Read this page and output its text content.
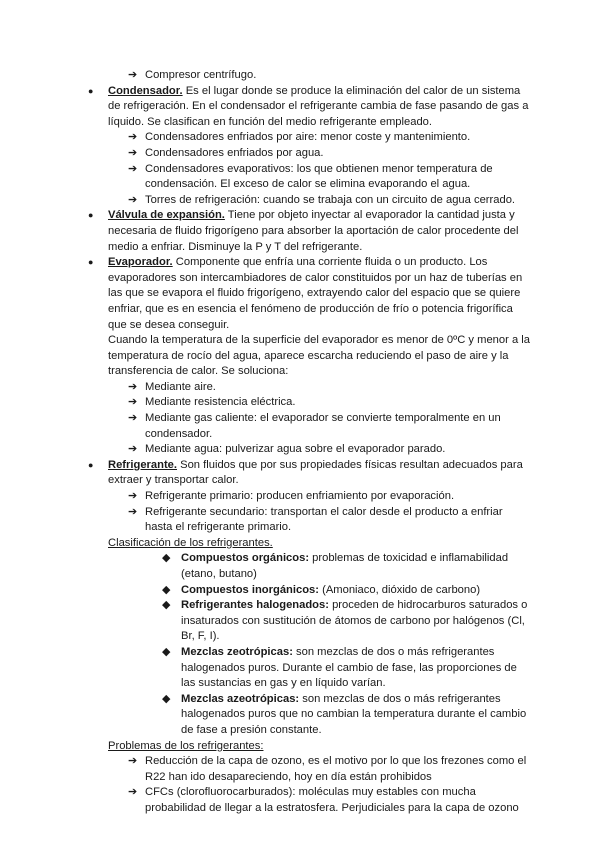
➔ Compresor centrífugo.
● Condensador. Es el lugar donde se produce la eliminación del calor de un sistema
de refrigeración. En el condensador el refrigerante cambia de fase pasando de gas a
líquido. Se clasifican en función del medio refrigerante empleado.
➔ Condensadores enfriados por aire: menor coste y mantenimiento.
➔ Condensadores enfriados por agua.
➔ Condensadores evaporativos: los que obtienen menor temperatura de
condensación. El exceso de calor se elimina evaporando el agua.
➔ Torres de refrigeración: cuando se trabaja con un circuito de agua cerrado.
● Válvula de expansión. Tiene por objeto inyectar al evaporador la cantidad justa y
necesaria de fluido frigorígeno para absorber la aportación de calor procedente del
medio a enfriar. Disminuye la P y T del refrigerante.
● Evaporador. Componente que enfría una corriente fluida o un producto. Los
evaporadores son intercambiadores de calor constituidos por un haz de tuberías en
las que se evapora el fluido frigorígeno, extrayendo calor del espacio que se quiere
enfriar, que es en esencia el fenómeno de producción de frío o potencia frigorífica
que se desea conseguir.
Cuando la temperatura de la superficie del evaporador es menor de 0ºC y menor a la
temperatura de rocío del agua, aparece escarcha reduciendo el paso de aire y la
transferencia de calor. Se soluciona:
➔ Mediante aire.
➔ Mediante resistencia eléctrica.
➔ Mediante gas caliente: el evaporador se convierte temporalmente en un
condensador.
➔ Mediante agua: pulverizar agua sobre el evaporador parado.
● Refrigerante. Son fluidos que por sus propiedades físicas resultan adecuados para
extraer y transportar calor.
➔ Refrigerante primario: producen enfriamiento por evaporación.
➔ Refrigerante secundario: transportan el calor desde el producto a enfriar
hasta el refrigerante primario.
Clasificación de los refrigerantes.
◆ Compuestos orgánicos: problemas de toxicidad e inflamabilidad
(etano, butano)
◆ Compuestos inorgánicos: (Amoniaco, dióxido de carbono)
◆ Refrigerantes halogenados: proceden de hidrocarburos saturados o
insaturados con sustitución de átomos de carbono por halógenos (Cl,
Br, F, I).
◆ Mezclas zeotrópicas: son mezclas de dos o más refrigerantes
halogenados puros. Durante el cambio de fase, las proporciones de
las sustancias en gas y en líquido varían.
◆ Mezclas azeotrópicas: son mezclas de dos o más refrigerantes
halogenados puros que no cambian la temperatura durante el cambio
de fase a presión constante.
Problemas de los refrigerantes:
➔ Reducción de la capa de ozono, es el motivo por lo que los frezones como el
R22 han ido desapareciendo, hoy en día están prohibidos
➔ CFCs (clorofluorocarburados): moléculas muy estables con mucha
probabilidad de llegar a la estratosfera. Perjudiciales para la capa de ozono
